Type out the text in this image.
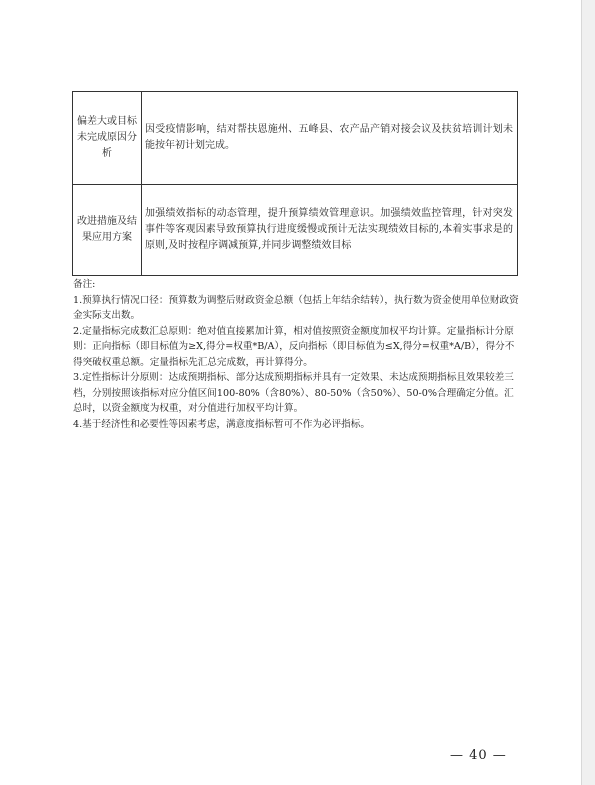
偏差大或目标未完成原因分析	因受疫情影响，结对帮扶恩施州、五峰县、农产品产销对接会议及扶贫培训计划未能按年初计划完成。
改进措施及结果应用方案	加强绩效指标的动态管理，提升预算绩效管理意识。加强绩效监控管理，针对突发事件等客观因素导致预算执行进度缓慢或预计无法实现绩效目标的,本着实事求是的原则,及时按程序调减预算,并同步调整绩效目标

备注:

1.预算执行情况口径：预算数为调整后财政资金总额（包括上年结余结转），执行数为资金使用单位财政资金实际支出数。

2.定量指标完成数汇总原则：绝对值直接累加计算，相对值按照资金额度加权平均计算。定量指标计分原则：正向指标（即目标值为≥X,得分=权重*B/A），反向指标（即目标值为≤X,得分=权重*A/B），得分不得突破权重总额。定量指标先汇总完成数，再计算得分。

3.定性指标计分原则：达成预期指标、部分达成预期指标并具有一定效果、未达成预期指标且效果较差三档，分别按照该指标对应分值区间100-80%（含80%）、80-50%（含50%）、50-0%合理确定分值。汇总时，以资金额度为权重，对分值进行加权平均计算。

4.基于经济性和必要性等因素考虑，满意度指标暂可不作为必评指标。

— 40 —
